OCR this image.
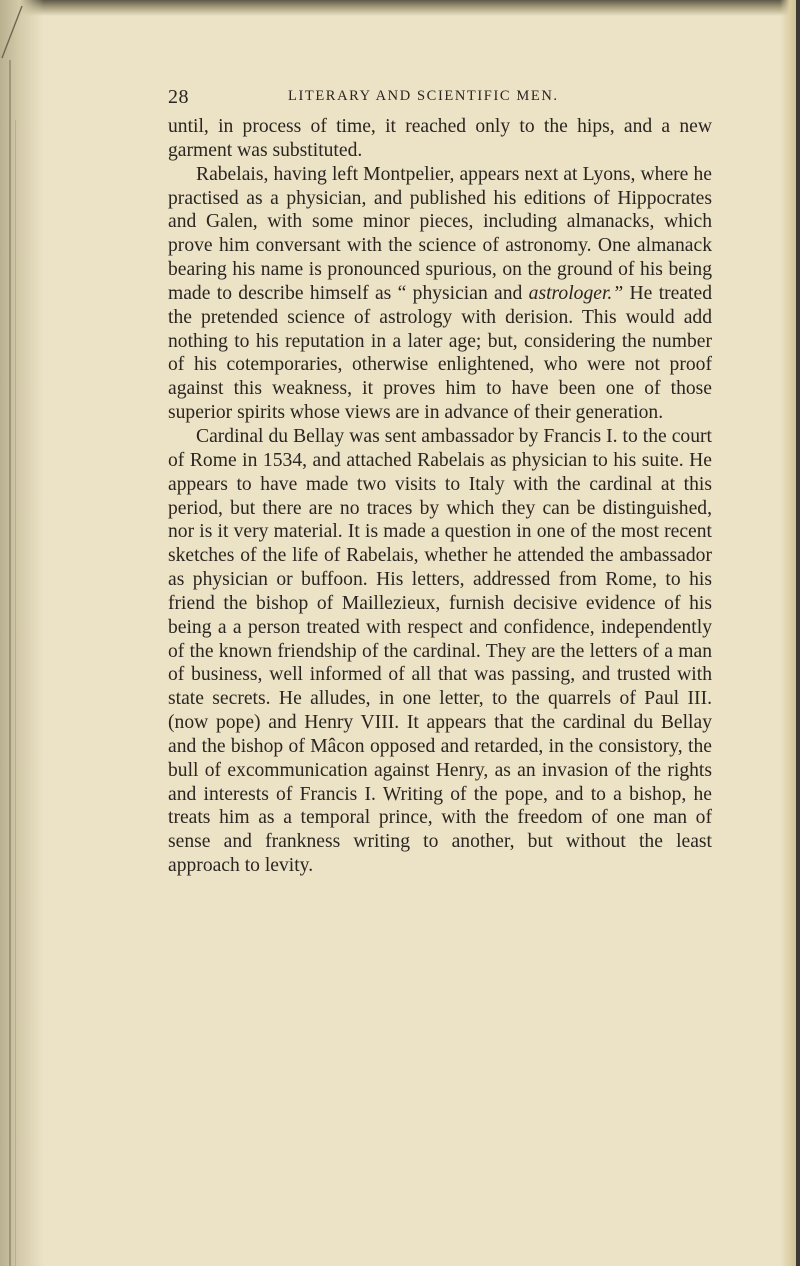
28	LITERARY AND SCIENTIFIC MEN.

until, in process of time, it reached only to the hips, and a new garment was substituted.

Rabelais, having left Montpelier, appears next at Lyons, where he practised as a physician, and published his editions of Hippocrates and Galen, with some minor pieces, including almanacks, which prove him conversant with the science of astronomy. One almanack bearing his name is pronounced spurious, on the ground of his being made to describe himself as “ physician and astrologer.” He treated the pretended science of astrology with derision. This would add nothing to his reputation in a later age; but, considering the number of his cotemporaries, otherwise enlightened, who were not proof against this weakness, it proves him to have been one of those superior spirits whose views are in advance of their generation.

Cardinal du Bellay was sent ambassador by Francis I. to the court of Rome in 1534, and attached Rabelais as physician to his suite. He appears to have made two visits to Italy with the cardinal at this period, but there are no traces by which they can be distinguished, nor is it very material. It is made a question in one of the most recent sketches of the life of Rabelais, whether he attended the ambassador as physician or buffoon. His letters, addressed from Rome, to his friend the bishop of Maillezieux, furnish decisive evidence of his being a a person treated with respect and confidence, independently of the known friendship of the cardinal. They are the letters of a man of business, well informed of all that was passing, and trusted with state secrets. He alludes, in one letter, to the quarrels of Paul III. (now pope) and Henry VIII. It appears that the cardinal du Bellay and the bishop of Mâcon opposed and retarded, in the consistory, the bull of excommunication against Henry, as an invasion of the rights and interests of Francis I. Writing of the pope, and to a bishop, he treats him as a temporal prince, with the freedom of one man of sense and frankness writing to another, but without the least approach to levity.
